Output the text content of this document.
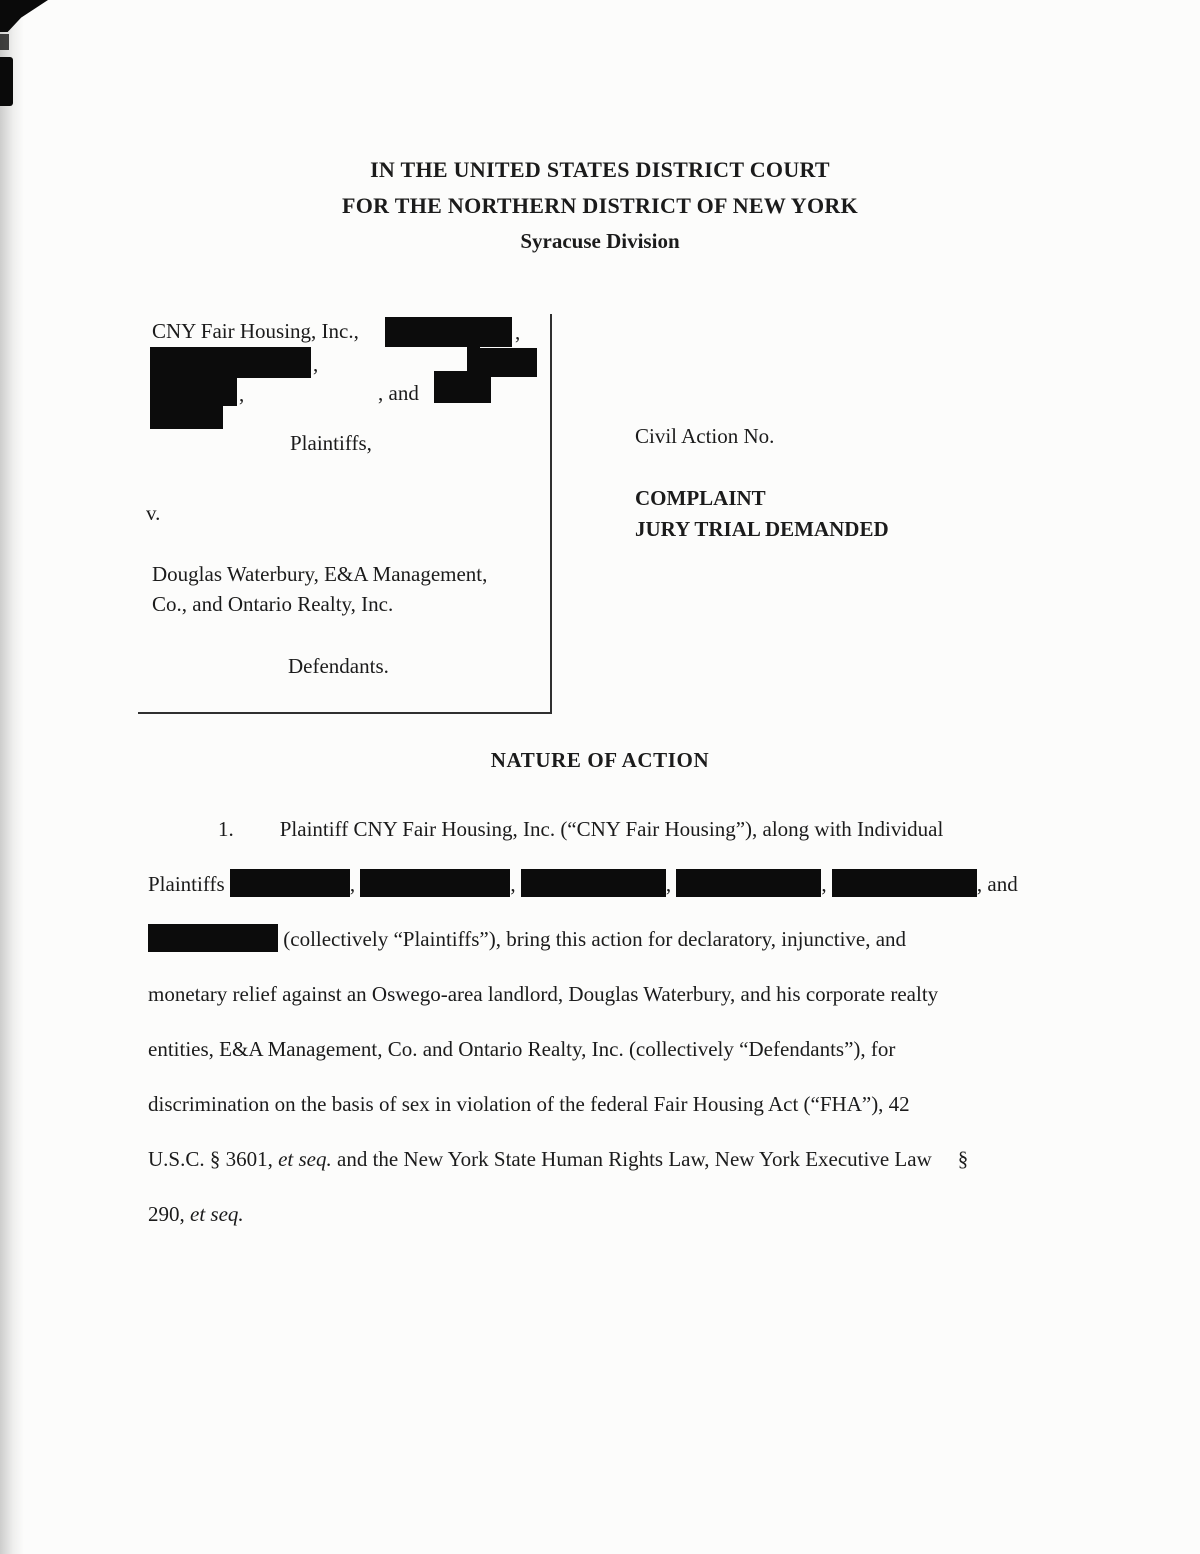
IN THE UNITED STATES DISTRICT COURT
FOR THE NORTHERN DISTRICT OF NEW YORK
Syracuse Division
CNY Fair Housing, Inc.,	,
,
,	, and
Plaintiffs,
v.
Douglas Waterbury, E&A Management,
Co., and Ontario Realty, Inc.
Defendants.
Civil Action No.
COMPLAINT
JURY TRIAL DEMANDED
NATURE OF ACTION
1. Plaintiff CNY Fair Housing, Inc. (“CNY Fair Housing”), along with Individual
Plaintiffs	,	,	,	,	, and
(collectively “Plaintiffs”), bring this action for declaratory, injunctive, and
monetary relief against an Oswego-area landlord, Douglas Waterbury, and his corporate realty
entities, E&A Management, Co. and Ontario Realty, Inc. (collectively “Defendants”), for
discrimination on the basis of sex in violation of the federal Fair Housing Act (“FHA”), 42
U.S.C. § 3601, et seq. and the New York State Human Rights Law, New York Executive Law §
290, et seq.
